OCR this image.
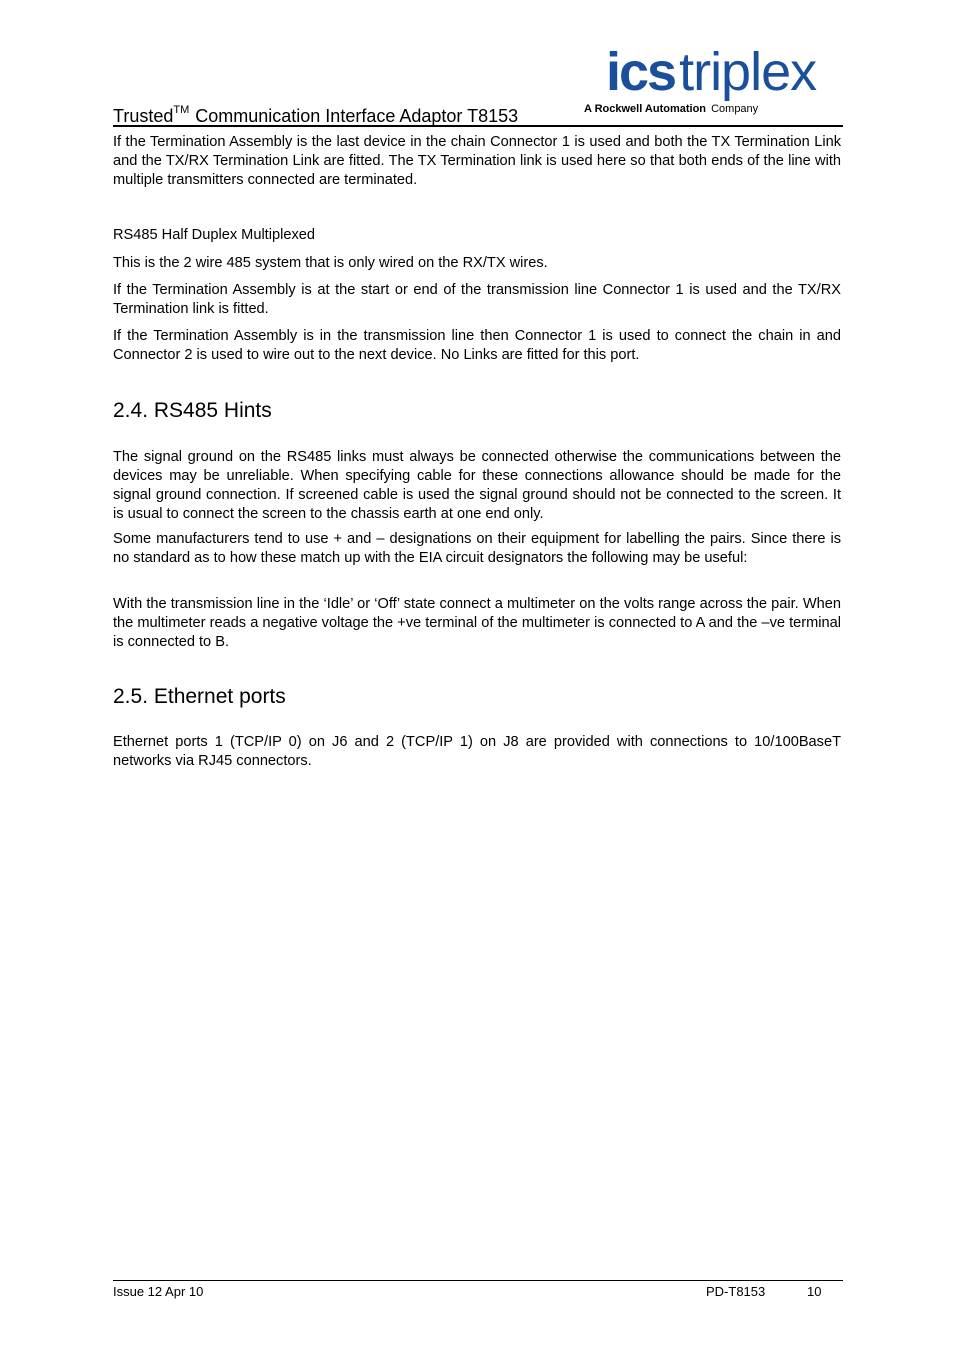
Trusted™ Communication Interface Adaptor T8153
icstriplex
A Rockwell Automation Company

If the Termination Assembly is the last device in the chain Connector 1 is used and both the TX Termination Link and the TX/RX Termination Link are fitted. The TX Termination link is used here so that both ends of the line with multiple transmitters connected are terminated.

RS485 Half Duplex Multiplexed

This is the 2 wire 485 system that is only wired on the RX/TX wires.

If the Termination Assembly is at the start or end of the transmission line Connector 1 is used and the TX/RX Termination link is fitted.

If the Termination Assembly is in the transmission line then Connector 1 is used to connect the chain in and Connector 2 is used to wire out to the next device. No Links are fitted for this port.

2.4. RS485 Hints

The signal ground on the RS485 links must always be connected otherwise the communications between the devices may be unreliable. When specifying cable for these connections allowance should be made for the signal ground connection. If screened cable is used the signal ground should not be connected to the screen. It is usual to connect the screen to the chassis earth at one end only.

Some manufacturers tend to use + and – designations on their equipment for labelling the pairs. Since there is no standard as to how these match up with the EIA circuit designators the following may be useful:

With the transmission line in the ‘Idle’ or ‘Off’ state connect a multimeter on the volts range across the pair. When the multimeter reads a negative voltage the +ve terminal of the multimeter is connected to A and the –ve terminal is connected to B.

2.5. Ethernet ports

Ethernet ports 1 (TCP/IP 0) on J6 and 2 (TCP/IP 1) on J8 are provided with connections to 10/100BaseT networks via RJ45 connectors.

Issue 12 Apr 10	PD-T8153	10
